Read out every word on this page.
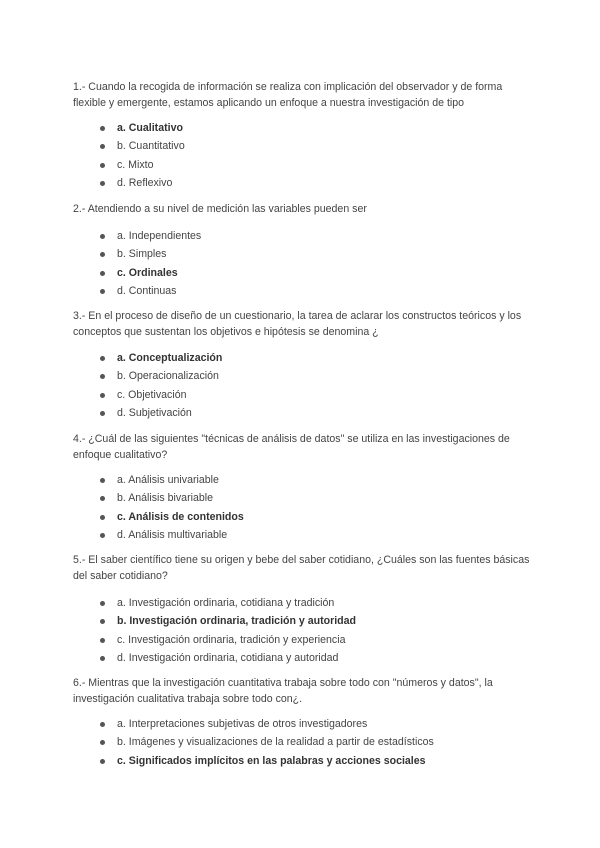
1.- Cuando la recogida de información se realiza con implicación del observador y de forma flexible y emergente, estamos aplicando un enfoque a nuestra investigación de tipo

a. Cualitativo
b. Cuantitativo
c. Mixto
d. Reflexivo

2.- Atendiendo a su nivel de medición las variables pueden ser

a. Independientes
b. Simples
c. Ordinales
d. Continuas

3.- En el proceso de diseño de un cuestionario, la tarea de aclarar los constructos teóricos y los conceptos que sustentan los objetivos e hipótesis se denomina ¿

a. Conceptualización
b. Operacionalización
c. Objetivación
d. Subjetivación

4.- ¿Cuál de las siguientes "técnicas de análisis de datos" se utiliza en las investigaciones de enfoque cualitativo?

a. Análisis univariable
b. Análisis bivariable
c. Análisis de contenidos
d. Análisis multivariable

5.- El saber científico tiene su origen y bebe del saber cotidiano, ¿Cuáles son las fuentes básicas del saber cotidiano?

a. Investigación ordinaria, cotidiana y tradición
b. Investigación ordinaria, tradición y autoridad
c. Investigación ordinaria, tradición y experiencia
d. Investigación ordinaria, cotidiana y autoridad

6.- Mientras que la investigación cuantitativa trabaja sobre todo con "números y datos", la investigación cualitativa trabaja sobre todo con¿.

a. Interpretaciones subjetivas de otros investigadores
b. Imágenes y visualizaciones de la realidad a partir de estadísticos
c. Significados implícitos en las palabras y acciones sociales
